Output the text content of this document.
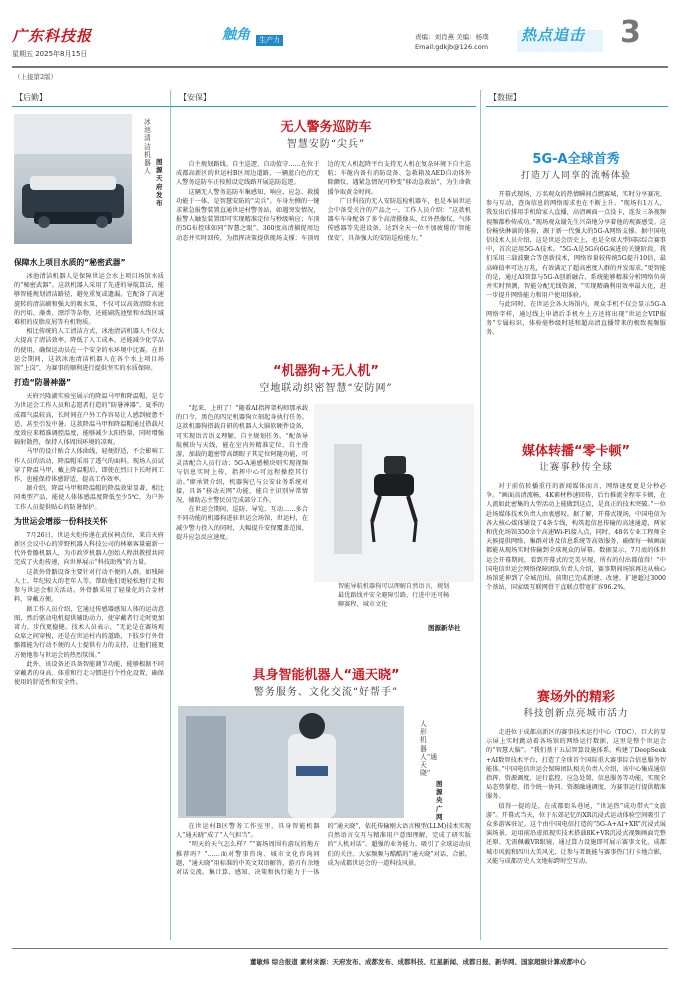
广东科技报
星期五 2025年8月15日
触角	生产力	责编：刘肖燕 美编：杨璞
Email:gdkjb@126.com
热点追击 3
（上接第2版）
【后勤】
冰池清洁机器人
图源天府发布
保障水上项目水质的“秘密武器”

冰池清洁机器人是保障世运会水上项目场馆水质的“秘密武器”。这款机器人采用了先进的导航算法，能够智能规划清洁路径，避免重复或遗漏。它配备了高速旋转的清洁刷和强大的吸水泵，不仅可以高效清除水底的污垢、藻类、漂浮等杂物，还能刷洗池壁和水线区域难积的皮脂皮屑等有机物质。

相比传统的人工清洁方式，冰池清洁机器人不仅大大提高了清洁效率，降低了人工成本，还能减少化学品的使用，确保运动员在一个安全的水环境中比赛。在世运会期间，这款冰池清洁机器人在各个水上项目场馆“上岗”，为赛事的顺利进行提供坚实的水质保障。

打造“防暑神器”

天府兴隆湖实验室展示的降温马甲和降温帽，是专为世运会工作人员和志愿者打造的“防暑神器”。夏季的成都气温较高，长时间在户外工作容易让人感到疲惫不适，甚至引发中暑。这款降温马甲和降温帽通过搭载尺度效应来精准调控温度，能够减少太阳热量，同时增强辐射散热，保持人体周围环境的凉爽。

马甲的设计贴合人体曲线，轻便舒适，不会影响工作人员的活动，降温帽采用了透气的面料。现场人员试穿了降温马甲，戴上降温帽后，即使在烈日下长时间工作，也能保持体感舒适，提高工作效率。

据介绍，降温马甲和降温帽的降温效果显著，相比同类型产品，能使人体体感温度降低至少5℃，为户外工作人员提供贴心的防暑保护。

为世运会增添一份科技关怀

7月26日，世运火炬传递在武侯祠点位，来自天府新区会议中心的罗野机器人科技公司的林寨客量磁新一代外骨骼机器人，为市政罗机器人创始人程洪教授共同完成了火炬传递，向世界展示“科技助残”的力量。

这款外骨骼设备主要针对行动不便的人群，如残障人士、年纪较大的老年人等，帮助他们更轻松地行走和参与世运会相关活动。外骨骼采用了轻量化的合金材料，穿戴方便。

据工作人员介绍，它通过传感器感知人体的运动意图，然后驱动电机提供辅助动力，使穿戴者行走时更加省力、步伐更稳健。技术人员表示，“无论是在赛场观众席之间穿梭，还是在世运村内的道路，下肢步行外骨骼都能为行动不便的人士提供有力的支持，让他们能更方便地参与世运会的热烈氛围。”

此外，该设备还具备智能调节功能，能够根据不同穿戴者的身高、体重和行走习惯进行个性化设置，确保使用的舒适性和安全性。

【安保】
无人警务巡防车
智慧安防“尖兵”

自主规划路线、自主巡逻、自动值守……在位于成都高新区的世运村B区周边道路，一辆蓝白色的无人警务巡防车正按照设定线路开展巡防巡逻。

这辆无人警务巡防车集感知、响应、应急、救援功能于一体，是智慧安防的“尖兵”。车身左侧的一键求紧急报警装置直通世运村警务站，如遇突发情况，报警人触发装置即可实现精准定位与秒级响应；车顶的5G布控球如同“智慧之眼”，360度高清捕捉周边动态并实时回传，为指挥决策提供现场支撑；车顶周边的无人机起降平台支持无人机在复杂环境下自主巡航；车舱内备有消防设备、急救箱及AED自动体外除颤仪，遇紧急情况可秒变“移动急救站”，为生命救援争取黄金时间。

广日科技的无人安防巡检机器车，也是本届世运会中备受关注的产品之一。工作人员介绍：“这款机器车车身配备了多个高清摄像头、红外热像仪、气体传感器等先进设备，达到全天一位不加疲倦的‘智能保安’，具备强大的安防巡检能力。”

“机器狗+无人机”
空地联动织密智慧“安防网”

“起来，上班了！”随着AI指挥架构师那承载的口令，黑色的四足机器狗立刻起身执行任务。这款机器狗搭载自研的机器人大脑软硬件设备，可实现语音语义理解，自主规划任务。“配备导航模块与天线，能在室内外精准定位、自主漫游，加载的超密带高朗眼子其定位阿随功能，可灵活配合人员行动；5G-A通感模块则实现视频与信息实时上传，指挥中心可远程操控其行动。”廖承贤介绍，机器狗已与公安业务系统对接，具备“移动天网”功能，能自主识别异常情况，辅助志主警民员完成部分工作。

在世运会期间，巡防、导览、互动……多合不同功能的机器狗进驻世运会场馆、世运村，在减少警力投入的同时，大幅提升安保覆盖范围，提升应急反应速度。

智能导航机器狗可以理解自然语言，规划最优路线并安全避障引路，行进中还可畅聊赛程、城市文化
图源新华社
具身智能机器人“通天晓”
警务服务、文化交流“好帮手”
人形机器人“通天晓”
图源央广网

在世运村B区警务工作室里，具身智能机器人“通天晓”成了“人气担当”。

“明天的天气怎么样？”“赛场周围有游玩的地方推荐吗？”……面对警事咨询、城市文化咨询问题，“通天晓”用标准的中英文双语解答，游刃有余地对话交流。集计算、感知、决策和执行能力于一体的“通天晓”，依托传输刚大语言模型(LLM)技术实现自然语言交互与精准用户意图理解，完成了研实版的“人机对话”。超强的业务能力，吸引了全球运动员们的关注。大家频频与酷酷的“通天晓”对话、合影，成为成都世运会的一道科技风景。

【数据】
5G-A全球首秀
打造万人同享的流畅体验

开幕式现场，万名观众的热情瞬间点燃赛城，实时分享赛况、参与互动，查询信息的网络需求也在不断上升。“现场有1万人，我发出后排用手机给家人直播，高清画面一点没卡，连发三条视频视频都秒传成功。”现场观众谢先生兴奋地分享着他的观赛感受。这份畅快淋漓的体验，源于新一代强大的5G-A网络支撑。据中国电信技术人员介绍，这是世运会历史上，也是全球大型国际综合赛事中，首次运用5G-A技术。“5G-A是5G向6G演进的关键阶段。我们采用三载波聚合等创新技术，网络容量较传统5G提升10倍，最高峰值率可达万兆，有效满足了超高密度人群的并发需求。”更智能的是，通过AI智算与5G-A创新融合，系统能够精准分析网络负荷并实时预测，智能分配无线资源，“实现精确利用效率最大化，进一步提升网络能力和用户使用体验。

与此同时，在世运会各大场馆内，观众手机不仅会显示5G-A网络字样，通过线上申请后手机左上方还将出现“世运会VIP服务”专属标识，体验毫秒级时延和超高清直播带来的极致视频服务。

媒体转播“零卡顿”
让赛事秒传全球

对于前仿转播重任的新闻媒体而言，网络速度更是分秒必争。“画面高清流畅，4K素材秒速回传，后台推流全程零卡顿，在人流如此密集的大型活动上能做到这点，是真正的技术突破。”一位赴场媒体技术负责人由衷感叹。据了解，开幕式现场，中国电信为各大核心媒体铺设了4条专线，构筑起信息传输的高速通道，两家和优化场馆350余个高速Wi-Fi接入点，同时，48名专业工程师全天候提供网络、集群对讲及信息系统等高效服务，确保每一帧画面都能从现场实时传输到全球观众的屏幕。数据显示，7月底的体世运会开幕期间，看到开幕式的完美呈现，所有的付出都值得！”中国电信世运会网络保障团队负责人介绍，赛事期间场馆再达从核心场馆延伸到了全城范围，前期已完成新建、改建、扩建超过3000个基站，国家级互联网骨干直联点带宽扩容96.2%。

赛场外的精彩
科技创新点亮城市活力

走进位于成都高新区的赛事技术运行中心（TOC），巨大的显示屏上实时跳动着各场馆的网络运行数据，这里是整个世运会的“智慧大脑”。“我们基于五层智算设施体系，构建了DeepSeek+AI数智技术平台，打造了全球首个国际重大赛事综合信息服务智能体。”中国电信世运会保障团队相关负责人介绍，该中心集成通信指挥、资源调度、运行监控、应急处置、信息服务等功能，实现全局态势掌控、指令统一协同、资源融通调度，为赛事运行提供精准服务。

值得一提的是，在成都街头巷尾，“世运热”成功带火“文旅游”。开幕式当天，位于东郊记忆的XR沉浸式运动体验空间吸引了众多游客驻足。这个由中国电信打造的“5G-A+AI+XR”沉浸式展演场景，运用前沿虚拟现实技术搭载8K+VR沉浸式视频画面完整还原、无需佩戴VR眼镜，通过算力设施即可展示赛事文化，成都城市风貌和四川大美风光，让参与者既能与赛事热门打卡地合影，又能与成都历史人文地标跨时空互动。

董敏炜 综合报道 素材来源：天府发布、成都发布、成都科技、红星新闻、成都日报、新华网、国家超级计算成都中心
